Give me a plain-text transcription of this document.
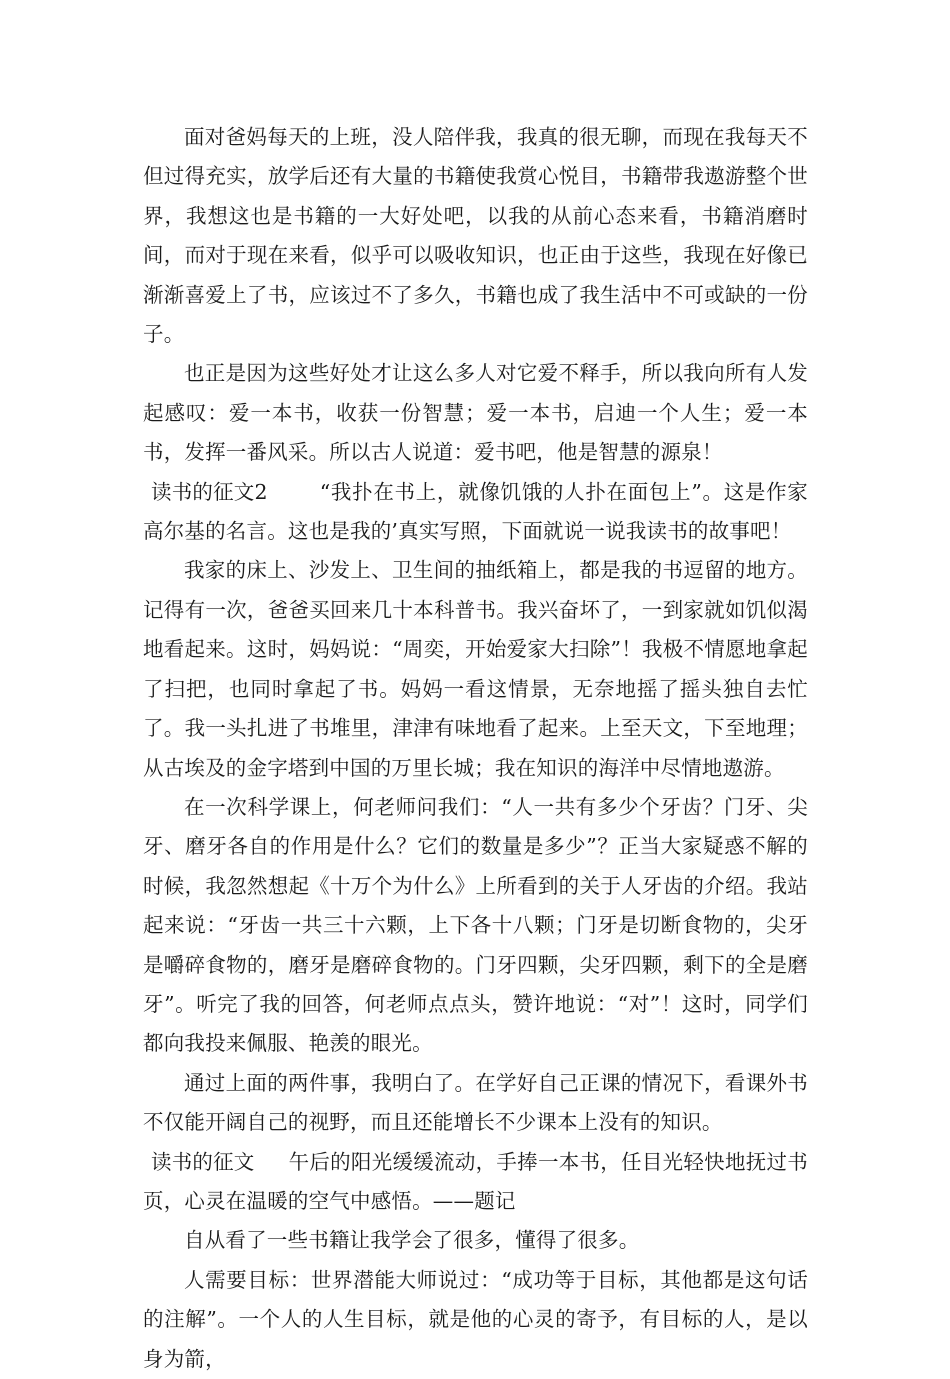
面对爸妈每天的上班，没人陪伴我，我真的很无聊，而现在我每天不但过得充实，放学后还有大量的书籍使我赏心悦目，书籍带我遨游整个世界，我想这也是书籍的一大好处吧，以我的从前心态来看，书籍消磨时间，而对于现在来看，似乎可以吸收知识，也正由于这些，我现在好像已渐渐喜爱上了书，应该过不了多久，书籍也成了我生活中不可或缺的一份子。

也正是因为这些好处才让这么多人对它爱不释手，所以我向所有人发起感叹：爱一本书，收获一份智慧；爱一本书，启迪一个人生；爱一本书，发挥一番风采。所以古人说道：爱书吧，他是智慧的源泉！

读书的征文2	“我扑在书上，就像饥饿的人扑在面包上”。这是作家高尔基的名言。这也是我的’真实写照，下面就说一说我读书的故事吧！

我家的床上、沙发上、卫生间的抽纸箱上，都是我的书逗留的地方。记得有一次，爸爸买回来几十本科普书。我兴奋坏了，一到家就如饥似渴地看起来。这时，妈妈说：“周奕，开始爱家大扫除”！我极不情愿地拿起了扫把，也同时拿起了书。妈妈一看这情景，无奈地摇了摇头独自去忙了。我一头扎进了书堆里，津津有味地看了起来。上至天文，下至地理；从古埃及的金字塔到中国的万里长城；我在知识的海洋中尽情地遨游。

在一次科学课上，何老师问我们：“人一共有多少个牙齿？门牙、尖牙、磨牙各自的作用是什么？它们的数量是多少”？正当大家疑惑不解的时候，我忽然想起《十万个为什么》上所看到的关于人牙齿的介绍。我站起来说：“牙齿一共三十六颗，上下各十八颗；门牙是切断食物的，尖牙是嚼碎食物的，磨牙是磨碎食物的。门牙四颗，尖牙四颗，剩下的全是磨牙”。听完了我的回答，何老师点点头，赞许地说：“对”！这时，同学们都向我投来佩服、艳羡的眼光。

通过上面的两件事，我明白了。在学好自己正课的情况下，看课外书不仅能开阔自己的视野，而且还能增长不少课本上没有的知识。

读书的征文 午后的阳光缓缓流动，手捧一本书，任目光轻快地抚过书页，心灵在温暖的空气中感悟。——题记

自从看了一些书籍让我学会了很多，懂得了很多。

人需要目标：世界潜能大师说过：“成功等于目标，其他都是这句话的注解”。一个人的人生目标，就是他的心灵的寄予，有目标的人，是以身为箭，
